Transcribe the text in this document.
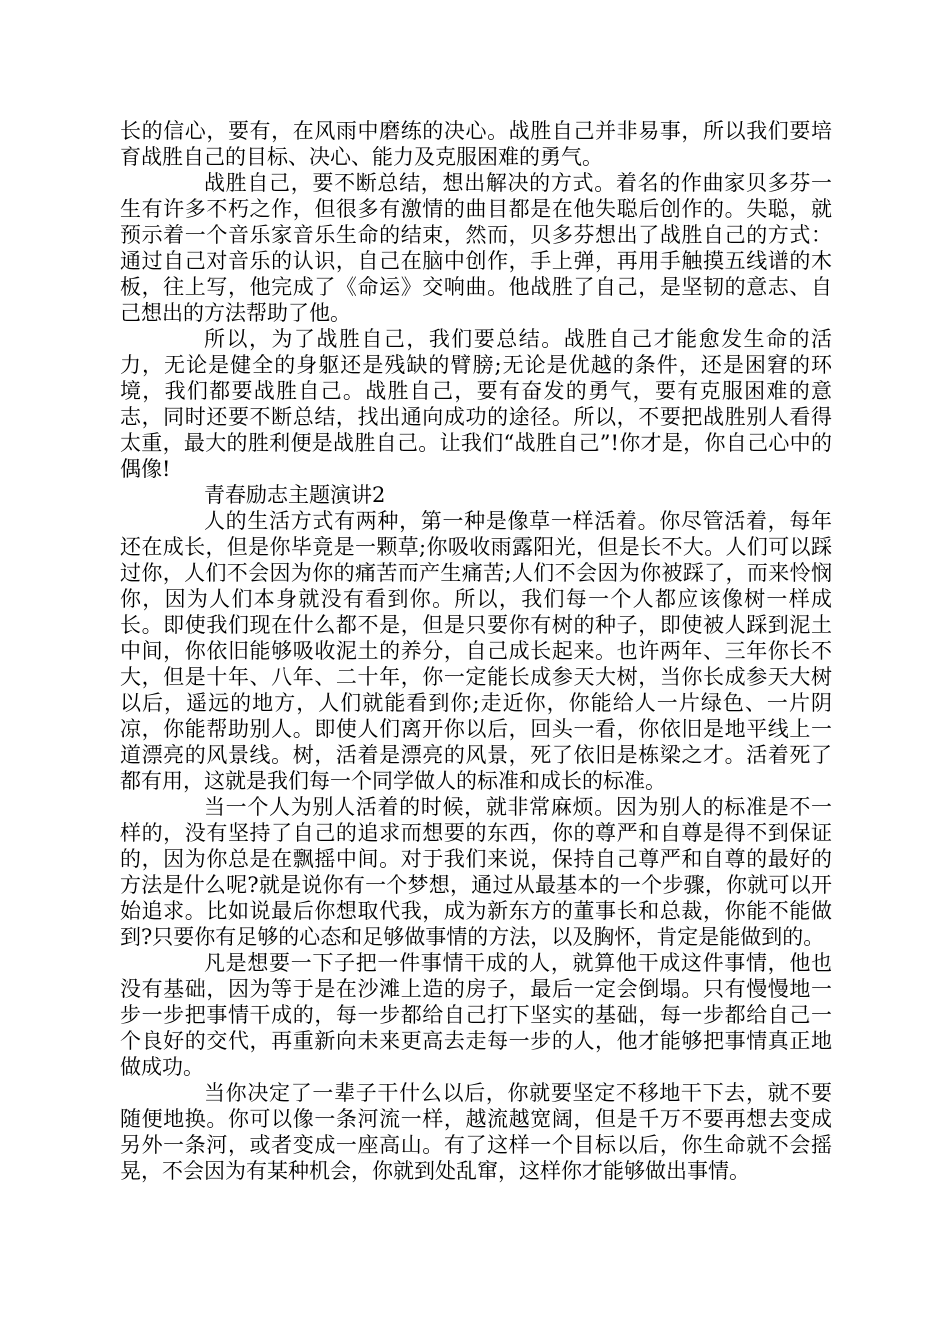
长的信心，要有，在风雨中磨练的决心。战胜自己并非易事，所以我们要培育战胜自己的目标、决心、能力及克服困难的勇气。

战胜自己，要不断总结，想出解决的方式。着名的作曲家贝多芬一生有许多不朽之作，但很多有激情的曲目都是在他失聪后创作的。失聪，就预示着一个音乐家音乐生命的结束，然而，贝多芬想出了战胜自己的方式：通过自己对音乐的认识，自己在脑中创作，手上弹，再用手触摸五线谱的木板，往上写，他完成了《命运》交响曲。他战胜了自己，是坚韧的意志、自己想出的方法帮助了他。

所以，为了战胜自己，我们要总结。战胜自己才能愈发生命的活力，无论是健全的身躯还是残缺的臂膀;无论是优越的条件，还是困窘的环境，我们都要战胜自己。战胜自己，要有奋发的勇气，要有克服困难的意志，同时还要不断总结，找出通向成功的途径。所以，不要把战胜别人看得太重，最大的胜利便是战胜自己。让我们“战胜自己”!你才是，你自己心中的偶像!

青春励志主题演讲2

人的生活方式有两种，第一种是像草一样活着。你尽管活着，每年还在成长，但是你毕竟是一颗草;你吸收雨露阳光，但是长不大。人们可以踩过你，人们不会因为你的痛苦而产生痛苦;人们不会因为你被踩了，而来怜悯你，因为人们本身就没有看到你。所以，我们每一个人都应该像树一样成长。即使我们现在什么都不是，但是只要你有树的种子，即使被人踩到泥土中间，你依旧能够吸收泥土的养分，自己成长起来。也许两年、三年你长不大，但是十年、八年、二十年，你一定能长成参天大树，当你长成参天大树以后，遥远的地方，人们就能看到你;走近你，你能给人一片绿色、一片阴凉，你能帮助别人。即使人们离开你以后，回头一看，你依旧是地平线上一道漂亮的风景线。树，活着是漂亮的风景，死了依旧是栋梁之才。活着死了都有用，这就是我们每一个同学做人的标准和成长的标准。

当一个人为别人活着的时候，就非常麻烦。因为别人的标准是不一样的，没有坚持了自己的追求而想要的东西，你的尊严和自尊是得不到保证的，因为你总是在飘摇中间。对于我们来说，保持自己尊严和自尊的最好的方法是什么呢?就是说你有一个梦想，通过从最基本的一个步骤，你就可以开始追求。比如说最后你想取代我，成为新东方的董事长和总裁，你能不能做到?只要你有足够的心态和足够做事情的方法，以及胸怀，肯定是能做到的。

凡是想要一下子把一件事情干成的人，就算他干成这件事情，他也没有基础，因为等于是在沙滩上造的房子，最后一定会倒塌。只有慢慢地一步一步把事情干成的，每一步都给自己打下坚实的基础，每一步都给自己一个良好的交代，再重新向未来更高去走每一步的人，他才能够把事情真正地做成功。

当你决定了一辈子干什么以后，你就要坚定不移地干下去，就不要随便地换。你可以像一条河流一样，越流越宽阔，但是千万不要再想去变成另外一条河，或者变成一座高山。有了这样一个目标以后，你生命就不会摇晃，不会因为有某种机会，你就到处乱窜，这样你才能够做出事情。
